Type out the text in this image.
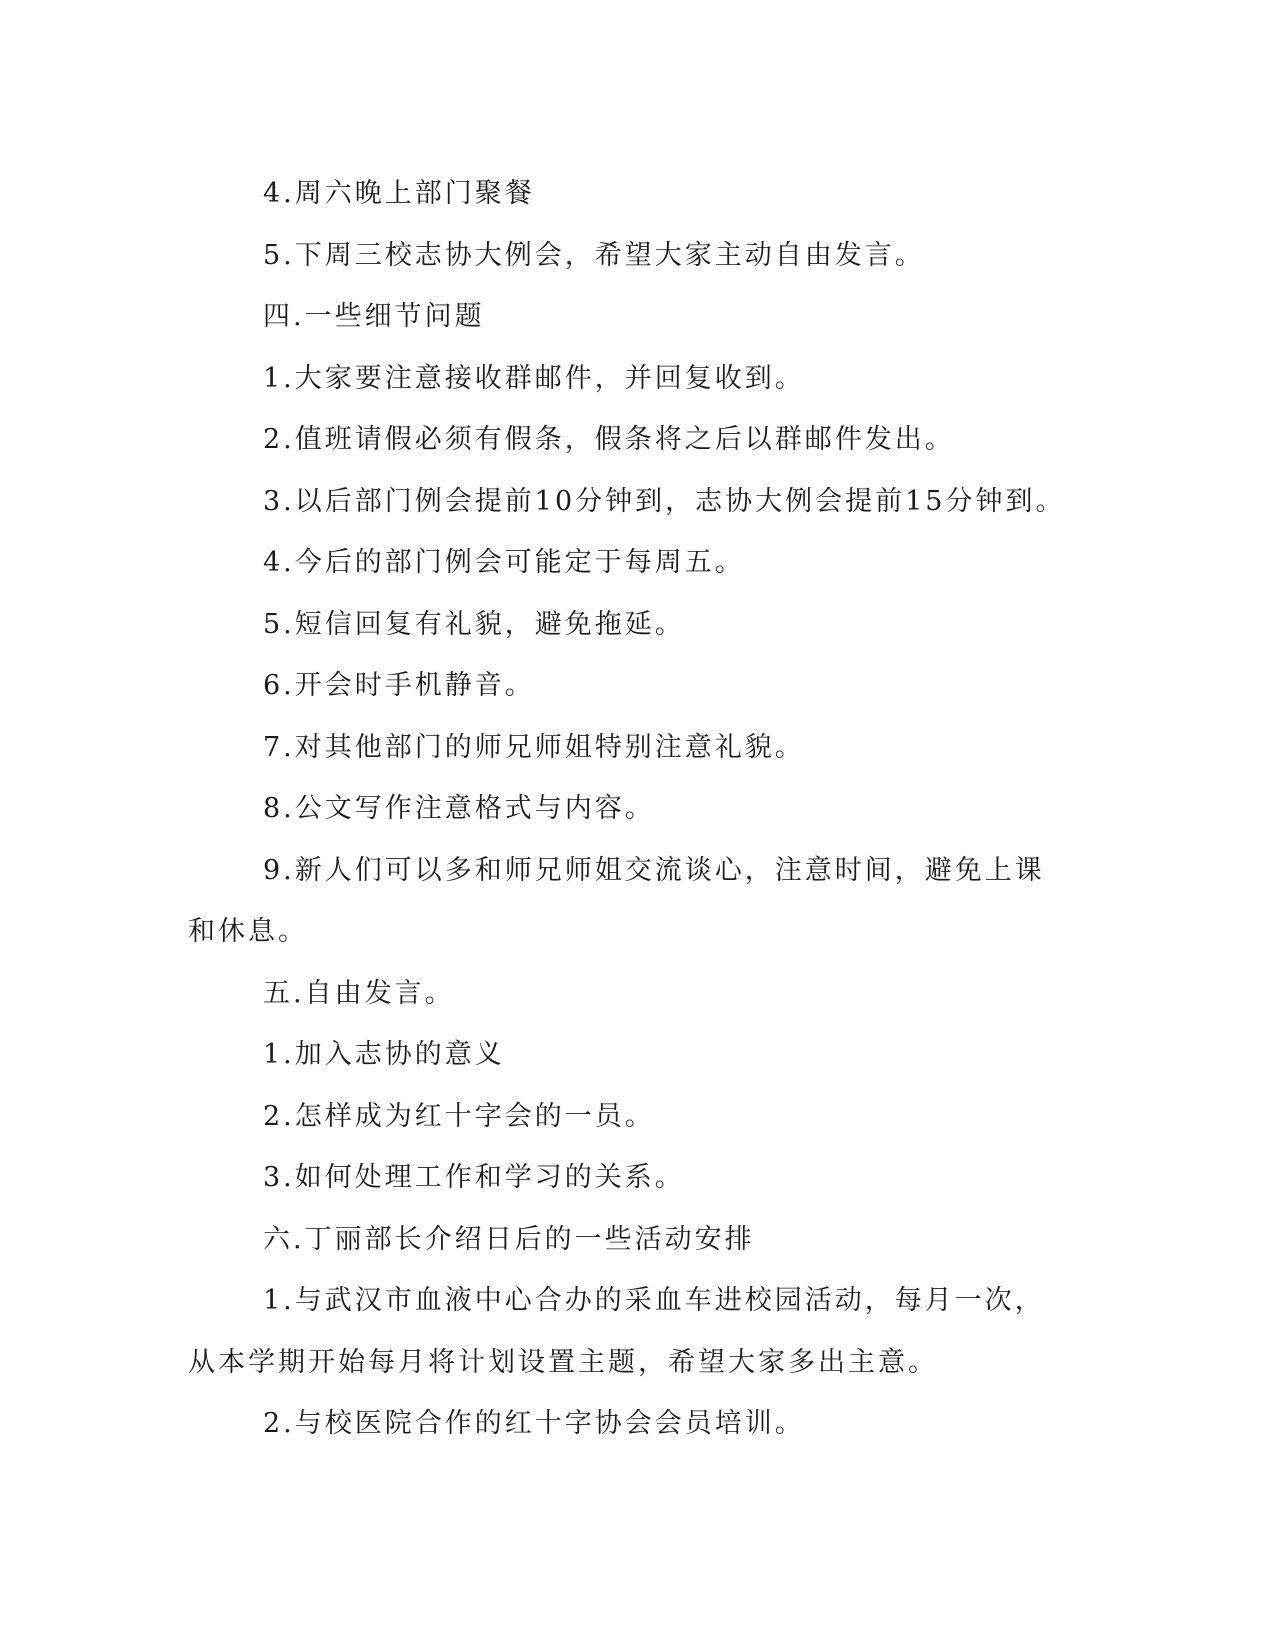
4.周六晚上部门聚餐

5.下周三校志协大例会，希望大家主动自由发言。

四.一些细节问题

1.大家要注意接收群邮件，并回复收到。

2.值班请假必须有假条，假条将之后以群邮件发出。

3.以后部门例会提前10分钟到，志协大例会提前15分钟到。

4.今后的部门例会可能定于每周五。

5.短信回复有礼貌，避免拖延。

6.开会时手机静音。

7.对其他部门的师兄师姐特别注意礼貌。

8.公文写作注意格式与内容。

9.新人们可以多和师兄师姐交流谈心，注意时间，避免上课和休息。

五.自由发言。

1.加入志协的意义

2.怎样成为红十字会的一员。

3.如何处理工作和学习的关系。

六.丁丽部长介绍日后的一些活动安排

1.与武汉市血液中心合办的采血车进校园活动，每月一次，从本学期开始每月将计划设置主题，希望大家多出主意。

2.与校医院合作的红十字协会会员培训。
